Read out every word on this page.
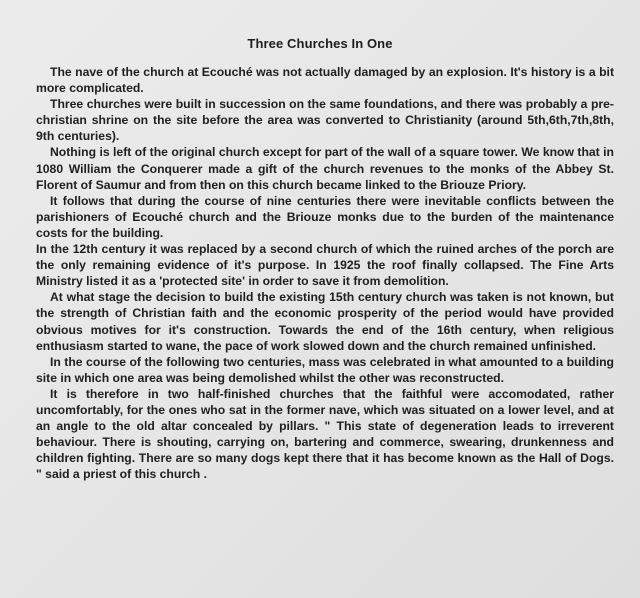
Three Churches In One

The nave of the church at Ecouché was not actually damaged by an explosion. It's history is a bit more complicated.

Three churches were built in succession on the same foundations, and there was probably a pre-christian shrine on the site before the area was converted to Christianity (around 5th,6th,7th,8th, 9th centuries).

Nothing is left of the original church except for part of the wall of a square tower. We know that in 1080 William the Conquerer made a gift of the church revenues to the monks of the Abbey St. Florent of Saumur and from then on this church became linked to the Briouze Priory.

It follows that during the course of nine centuries there were inevitable conflicts between the parishioners of Ecouché church and the Briouze monks due to the burden of the maintenance costs for the building.

In the 12th century it was replaced by a second church of which the ruined arches of the porch are the only remaining evidence of it's purpose. In 1925 the roof finally collapsed. The Fine Arts Ministry listed it as a 'protected site' in order to save it from demolition.

At what stage the decision to build the existing 15th century church was taken is not known, but the strength of Christian faith and the economic prosperity of the period would have provided obvious motives for it's construction. Towards the end of the 16th century, when religious enthusiasm started to wane, the pace of work slowed down and the church remained unfinished.

In the course of the following two centuries, mass was celebrated in what amounted to a building site in which one area was being demolished whilst the other was reconstructed.

It is therefore in two half-finished churches that the faithful were accomodated, rather uncomfortably, for the ones who sat in the former nave, which was situated on a lower level, and at an angle to the old altar concealed by pillars. " This state of degeneration leads to irreverent behaviour. There is shouting, carrying on, bartering and commerce, swearing, drunkenness and children fighting. There are so many dogs kept there that it has become known as the Hall of Dogs. " said a priest of this church .
